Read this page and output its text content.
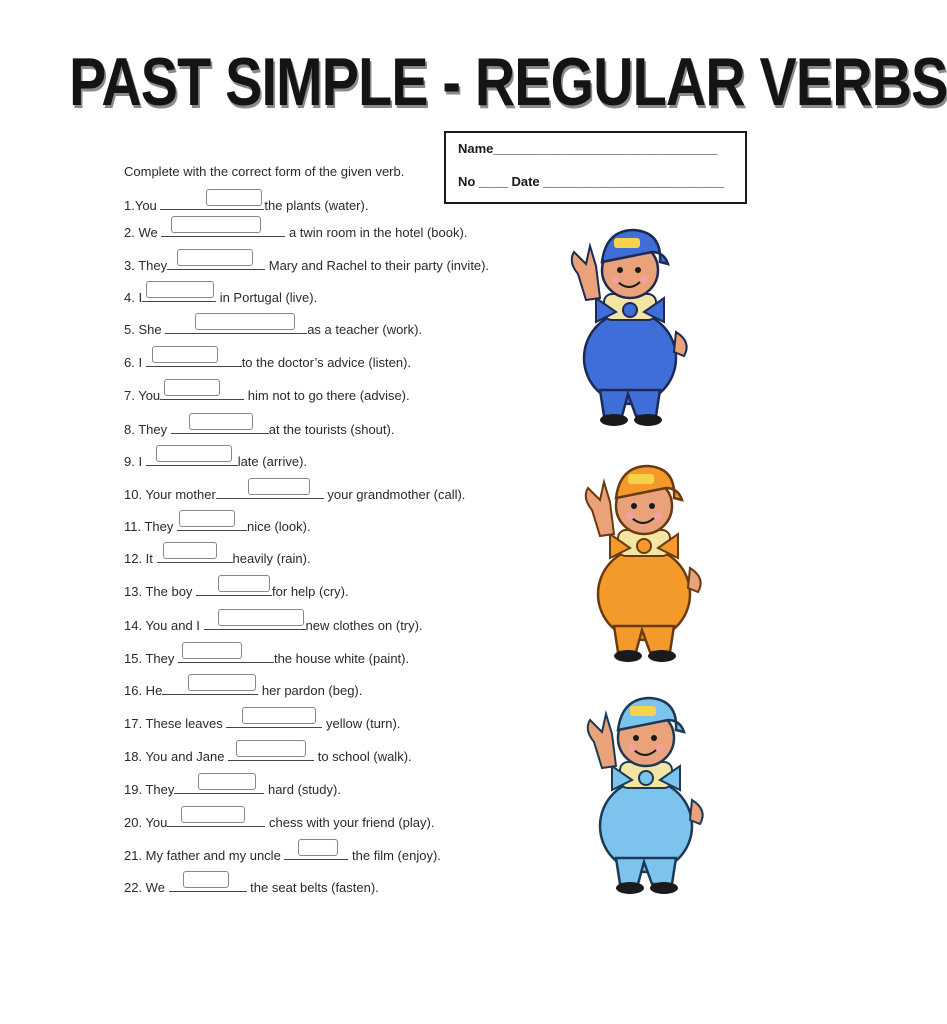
PAST SIMPLE - REGULAR VERBS
Name_______________________________
No ____ Date _________________________
Complete with the correct form of the given verb.
1.You	the plants (water).
2. We	a twin room in the hotel (book).
3. They	Mary and Rachel to their party (invite).
4. I	in Portugal (live).
5. She	as a teacher (work).
6. I	to the doctor’s advice (listen).
7. You	him not to go there (advise).
8. They	at the tourists (shout).
9. I	late (arrive).
10. Your mother	your grandmother (call).
11. They	nice (look).
12. It	heavily (rain).
13. The boy	for help (cry).
14. You and I	new clothes on (try).
15. They	the house white (paint).
16. He	her pardon (beg).
17. These leaves	yellow (turn).
18. You and Jane	to school (walk).
19. They	hard (study).
20. You	chess with your friend (play).
21. My father and my uncle	the film (enjoy).
22. We	the seat belts (fasten).
